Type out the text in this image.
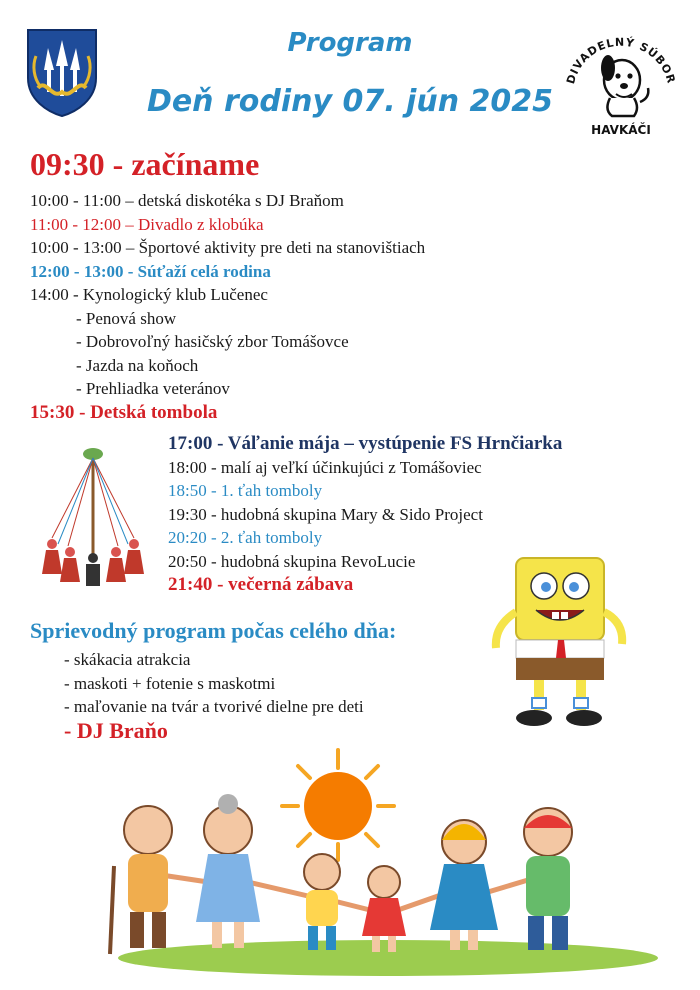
Program
Deň rodiny 07. jún 2025
DIVADELNÝ SÚBOR
HAVKÁČI
09:30 - začíname
10:00 - 11:00 – detská diskotéka s DJ Braňom
11:00 - 12:00 – Divadlo z klobúka
10:00 - 13:00 – Športové aktivity pre deti na stanovištiach
12:00 - 13:00 - Súťaží celá rodina
14:00 - Kynologický klub Lučenec
- Penová show
- Dobrovoľný hasičský zbor Tomášovce
- Jazda na koňoch
- Prehliadka veteránov
15:30 - Detská tombola
17:00 - Váľanie mája – vystúpenie FS Hrnčiarka
18:00 - malí aj veľkí účinkujúci z Tomášoviec
18:50 - 1. ťah tomboly
19:30 - hudobná skupina Mary & Sido Project
20:20 - 2. ťah tomboly
20:50 - hudobná skupina RevoLucie
21:40 - večerná zábava
Sprievodný program počas celého dňa:
- skákacia atrakcia
- maskoti + fotenie s maskotmi
- maľovanie na tvár a tvorivé dielne pre deti
- DJ Braňo
